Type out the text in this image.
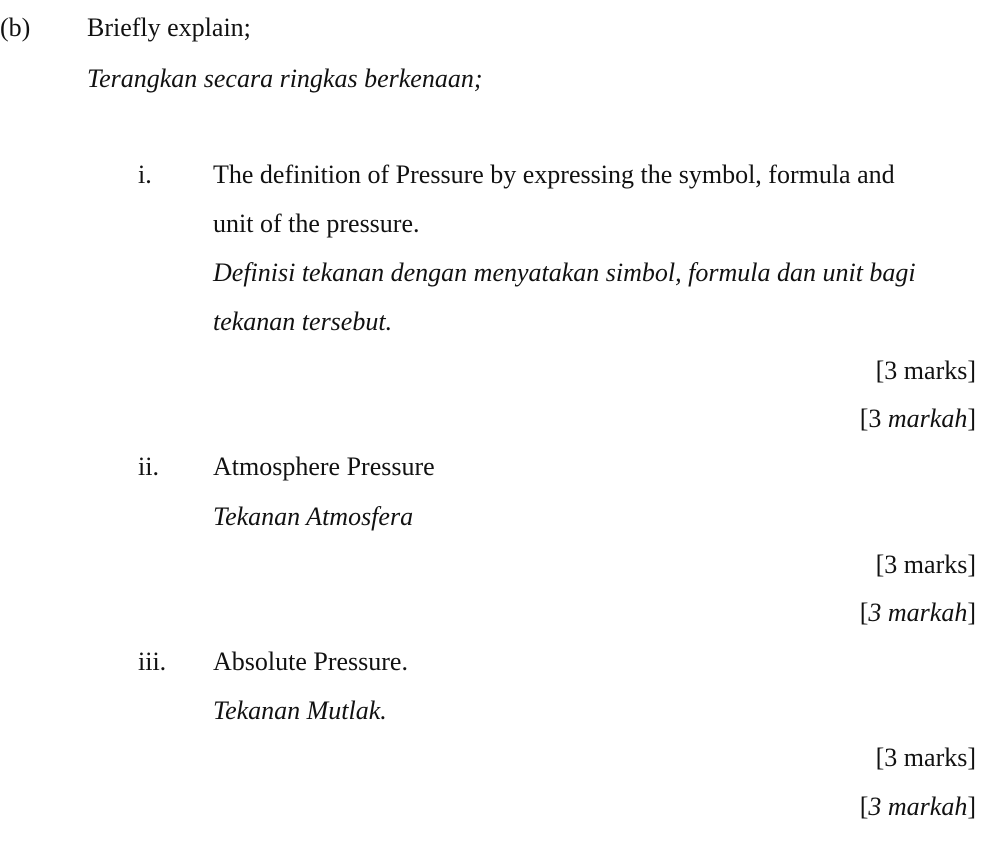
(b) Briefly explain;
Terangkan secara ringkas berkenaan;
i. The definition of Pressure by expressing the symbol, formula and
unit of the pressure.
Definisi tekanan dengan menyatakan simbol, formula dan unit bagi
tekanan tersebut.
[3 marks]
[3 markah]
ii. Atmosphere Pressure
Tekanan Atmosfera
[3 marks]
[3 markah]
iii. Absolute Pressure.
Tekanan Mutlak.
[3 marks]
[3 markah]
